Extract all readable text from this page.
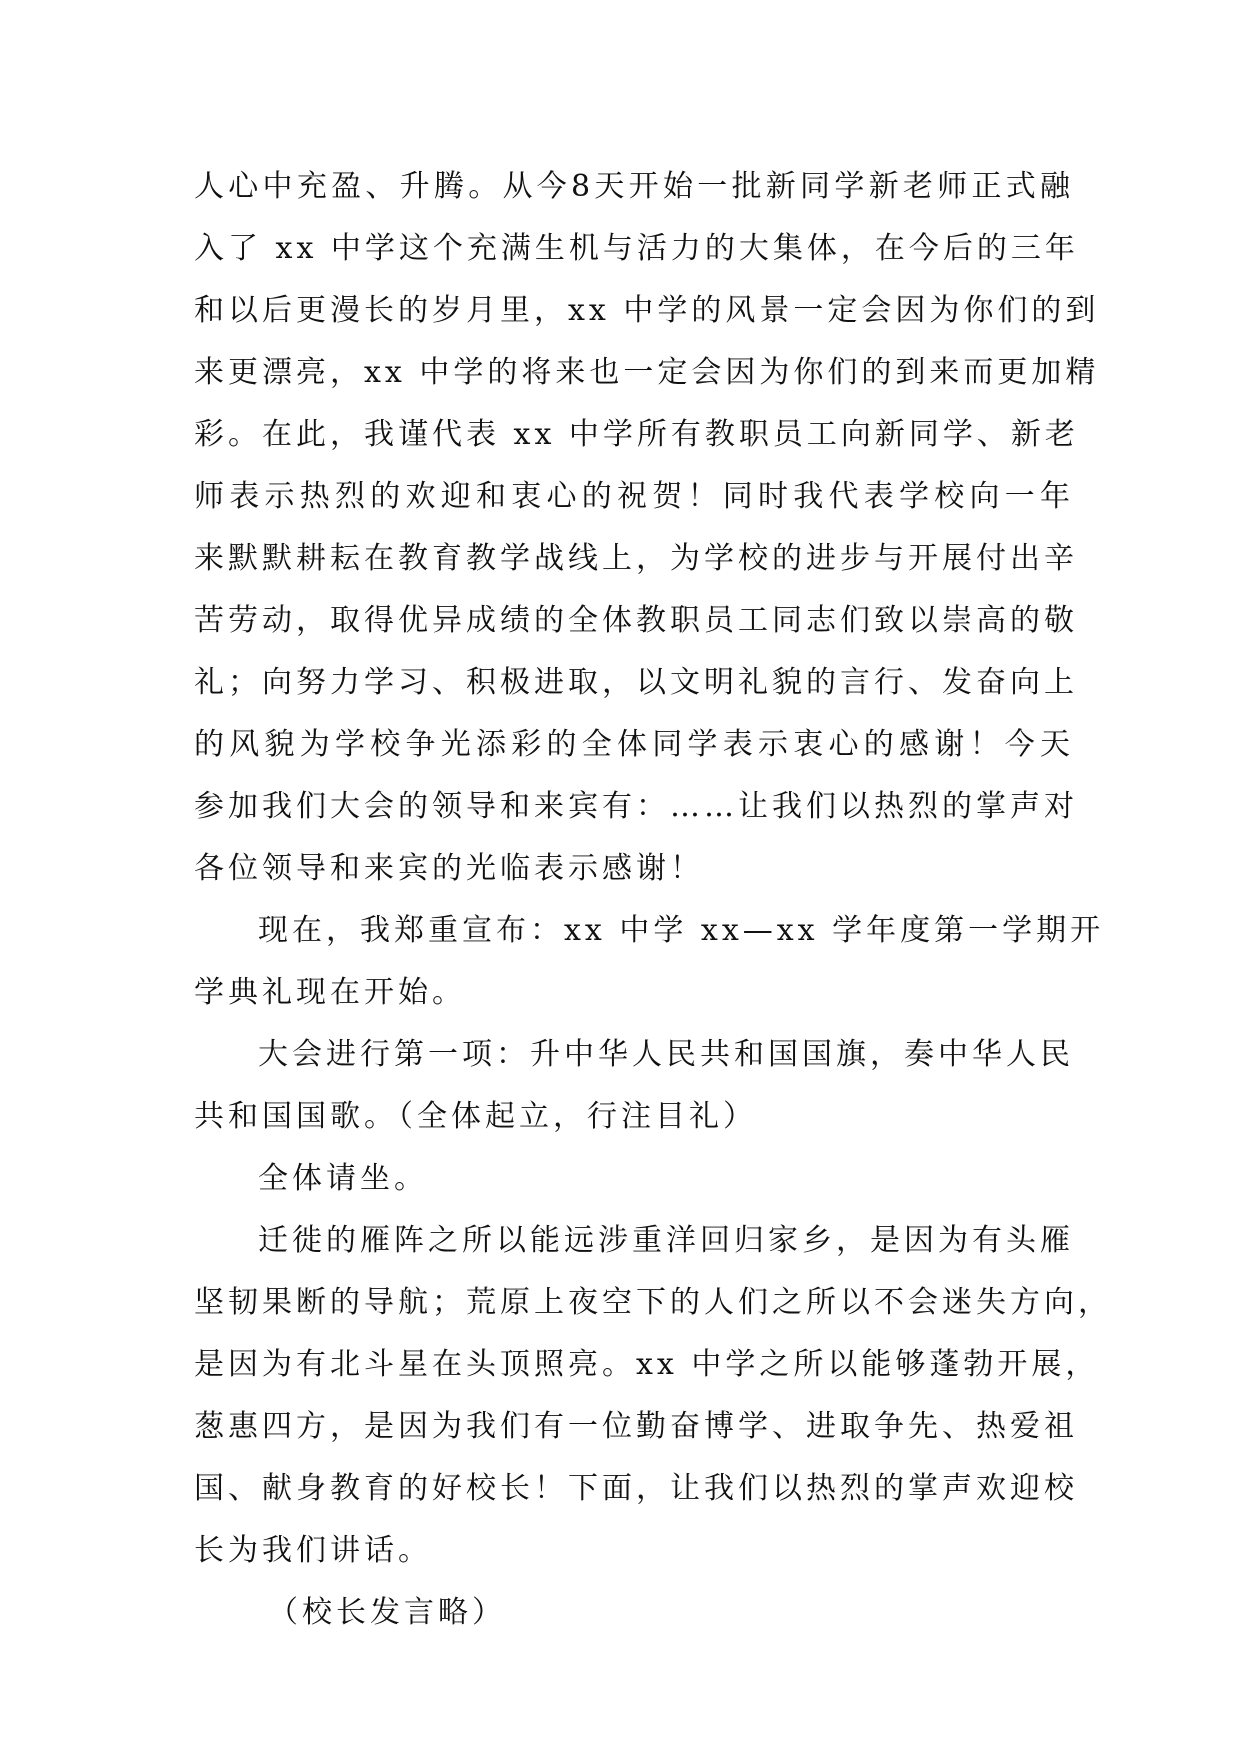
人心中充盈、升腾。从今8天开始一批新同学新老师正式融
入了 xx 中学这个充满生机与活力的大集体，在今后的三年
和以后更漫长的岁月里，xx 中学的风景一定会因为你们的到
来更漂亮，xx 中学的将来也一定会因为你们的到来而更加精
彩。在此，我谨代表 xx 中学所有教职员工向新同学、新老
师表示热烈的欢迎和衷心的祝贺！同时我代表学校向一年
来默默耕耘在教育教学战线上，为学校的进步与开展付出辛
苦劳动，取得优异成绩的全体教职员工同志们致以崇高的敬
礼；向努力学习、积极进取，以文明礼貌的言行、发奋向上
的风貌为学校争光添彩的全体同学表示衷心的感谢！今天
参加我们大会的领导和来宾有：……让我们以热烈的掌声对
各位领导和来宾的光临表示感谢！
现在，我郑重宣布：xx 中学 xx—xx 学年度第一学期开
学典礼现在开始。
大会进行第一项：升中华人民共和国国旗，奏中华人民
共和国国歌。（全体起立，行注目礼）
全体请坐。
迁徙的雁阵之所以能远涉重洋回归家乡，是因为有头雁
坚韧果断的导航；荒原上夜空下的人们之所以不会迷失方向，
是因为有北斗星在头顶照亮。xx 中学之所以能够蓬勃开展，
葱惠四方，是因为我们有一位勤奋博学、进取争先、热爱祖
国、献身教育的好校长！下面，让我们以热烈的掌声欢迎校
长为我们讲话。
（校长发言略）
